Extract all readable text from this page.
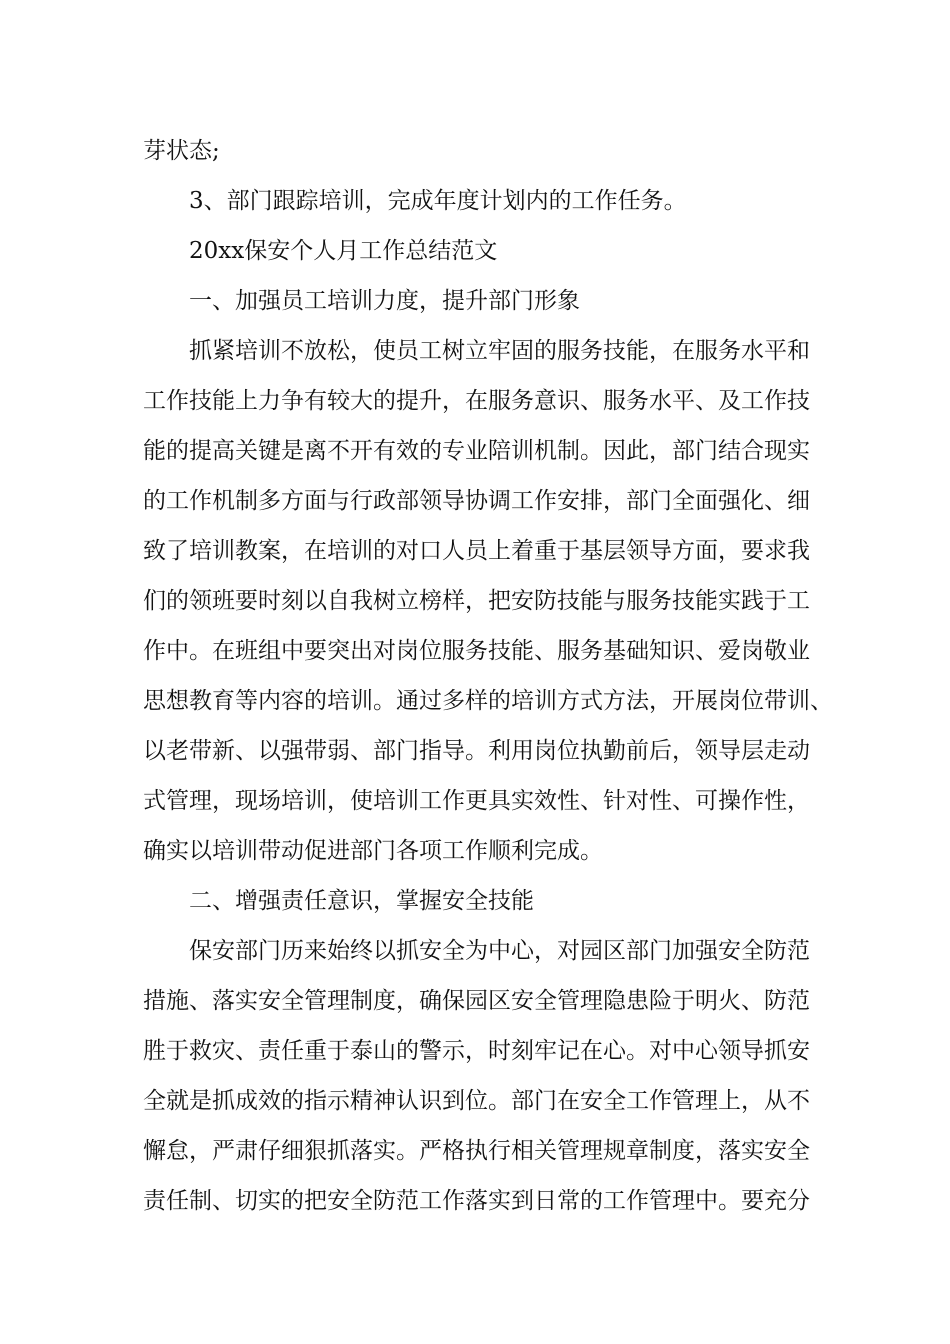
芽状态;

3、部门跟踪培训，完成年度计划内的工作任务。

20xx保安个人月工作总结范文

一、加强员工培训力度，提升部门形象

抓紧培训不放松，使员工树立牢固的服务技能，在服务水平和

工作技能上力争有较大的提升，在服务意识、服务水平、及工作技

能的提高关键是离不开有效的专业陪训机制。因此，部门结合现实

的工作机制多方面与行政部领导协调工作安排，部门全面强化、细

致了培训教案，在培训的对口人员上着重于基层领导方面，要求我

们的领班要时刻以自我树立榜样，把安防技能与服务技能实践于工

作中。在班组中要突出对岗位服务技能、服务基础知识、爱岗敬业

思想教育等内容的培训。通过多样的培训方式方法，开展岗位带训、

以老带新、以强带弱、部门指导。利用岗位执勤前后，领导层走动

式管理，现场培训，使培训工作更具实效性、针对性、可操作性，

确实以培训带动促进部门各项工作顺利完成。

二、增强责任意识，掌握安全技能

保安部门历来始终以抓安全为中心，对园区部门加强安全防范

措施、落实安全管理制度，确保园区安全管理隐患险于明火、防范

胜于救灾、责任重于泰山的警示，时刻牢记在心。对中心领导抓安

全就是抓成效的指示精神认识到位。部门在安全工作管理上，从不

懈怠，严肃仔细狠抓落实。严格执行相关管理规章制度，落实安全

责任制、切实的把安全防范工作落实到日常的工作管理中。要充分
